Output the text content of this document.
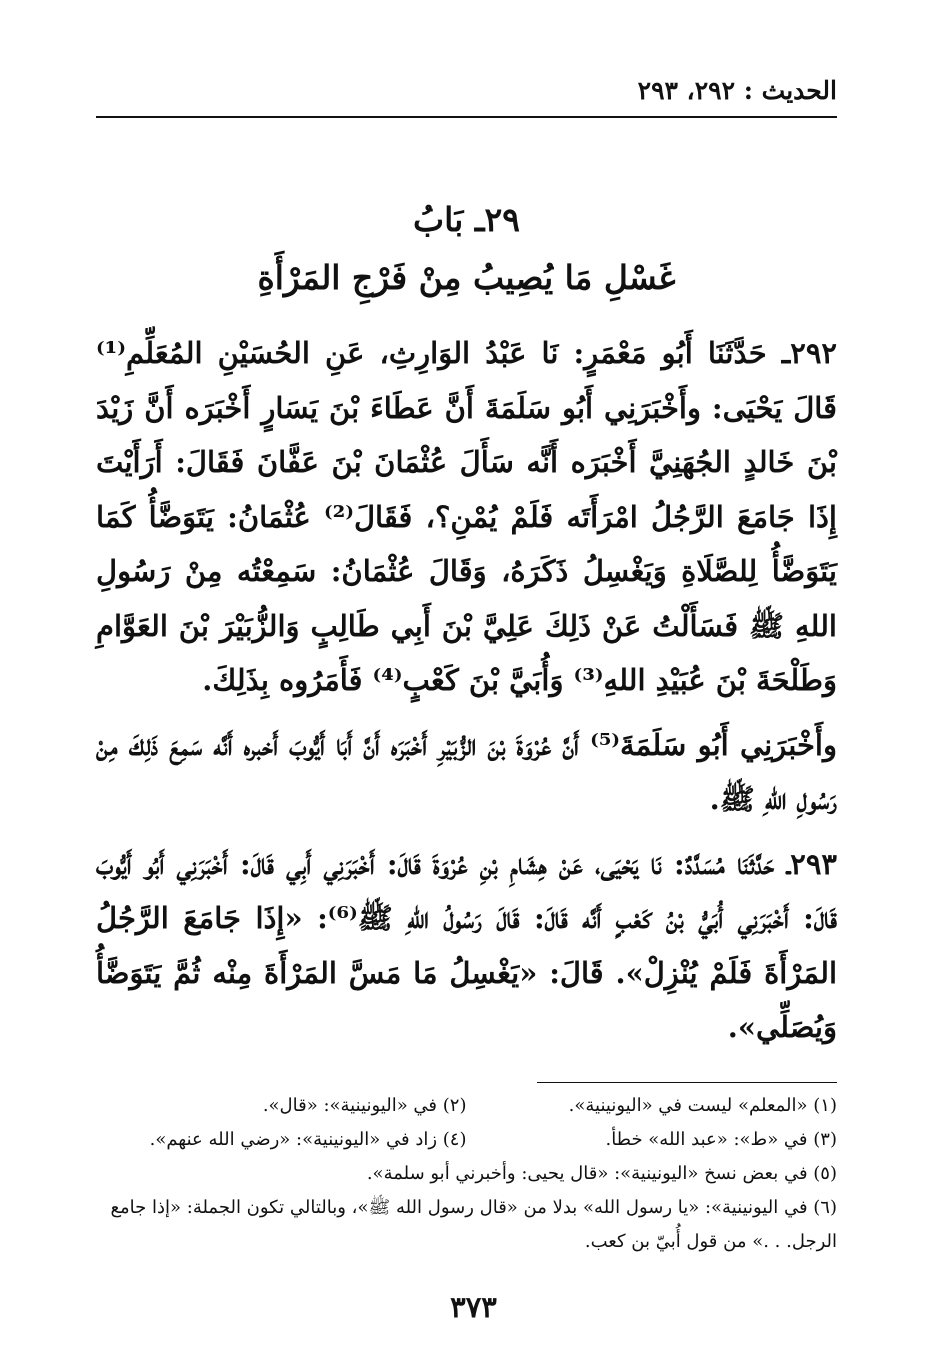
الحديث : ٢٩٢، ٢٩٣
٢٩ـ بَابُ
غَسْلِ مَا يُصِيبُ مِنْ فَرْجِ المَرْأَةِ

٢٩٢ـ حَدَّثَنَا أَبُو مَعْمَرٍ: نَا عَبْدُ الوَارِثِ، عَنِ الحُسَيْنِ المُعَلِّمِ⁽¹⁾ قَالَ يَحْيَى: وأَخْبَرَنِي أَبُو سَلَمَةَ أَنَّ عَطَاءَ بْنَ يَسَارٍ أَخْبَرَه أَنَّ زَيْدَ بْنَ خَالدٍ الجُهَنِيَّ أَخْبَرَه أَنَّه سَأَلَ عُثْمَانَ بْنَ عَفَّانَ فَقَالَ: أَرَأَيْتَ إِذَا جَامَعَ الرَّجُلُ امْرَأَتَه فَلَمْ يُمْنِ؟، فَقَالَ⁽²⁾ عُثْمَانُ: يَتَوَضَّأُ كَمَا يَتَوَضَّأُ لِلصَّلَاةِ وَيَغْسِلُ ذَكَرَهُ، وَقَالَ عُثْمَانُ: سَمِعْتُه مِنْ رَسُولِ اللهِ ﷺ فَسَأَلْتُ عَنْ ذَلِكَ عَلِيَّ بْنَ أَبِي طَالِبٍ وَالزُّبَيْرَ بْنَ العَوَّامِ وَطَلْحَةَ بْنَ عُبَيْدِ اللهِ⁽³⁾ وَأُبَيَّ بْنَ كَعْبٍ⁽⁴⁾ فَأَمَرُوه بِذَلِكَ.

وأَخْبَرَنِي أَبُو سَلَمَةَ⁽⁵⁾ أَنَّ عُرْوَةَ بْنَ الزُّبَيْرِ أَخْبَرَه أَنَّ أَبَا أَيُّوبَ أَخبره أَنَّه سَمِعَ ذَلِكَ مِنْ رَسُولِ اللهِ ﷺ.

٢٩٣ـ حَدَّثَنَا مُسَدَّدٌ: نَا يَحْيَى، عَنْ هِشَامِ بْنِ عُرْوَةَ قَالَ: أَخْبَرَنِي أَبِي قَالَ: أَخْبَرَنِي أَبُو أَيُّوبَ قَالَ: أَخْبَرَنِي أُبَيُّ بْنُ كَعْبٍ أَنَّه قَالَ: قَالَ رَسُولُ اللهِ ﷺ⁽⁶⁾: «إِذَا جَامَعَ الرَّجُلُ المَرْأَةَ فَلَمْ يُنْزِلْ». قَالَ: «يَغْسِلُ مَا مَسَّ المَرْأَةَ مِنْه ثُمَّ يَتَوَضَّأُ وَيُصَلِّي».

(١) «المعلم» ليست في «اليونينية».
(٢) في «اليونينية»: «قال».
(٣) في «ط»: «عبد الله» خطأ.
(٤) زاد في «اليونينية»: «رضي الله عنهم».
(٥) في بعض نسخ «اليونينية»: «قال يحيى: وأخبرني أبو سلمة».
(٦) في اليونينية»: «يا رسول الله» بدلا من «قال رسول الله ﷺ»، وبالتالي تكون الجملة: «إذا جامع الرجل. . .» من قول أُبيّ بن كعب.
٣٧٣
